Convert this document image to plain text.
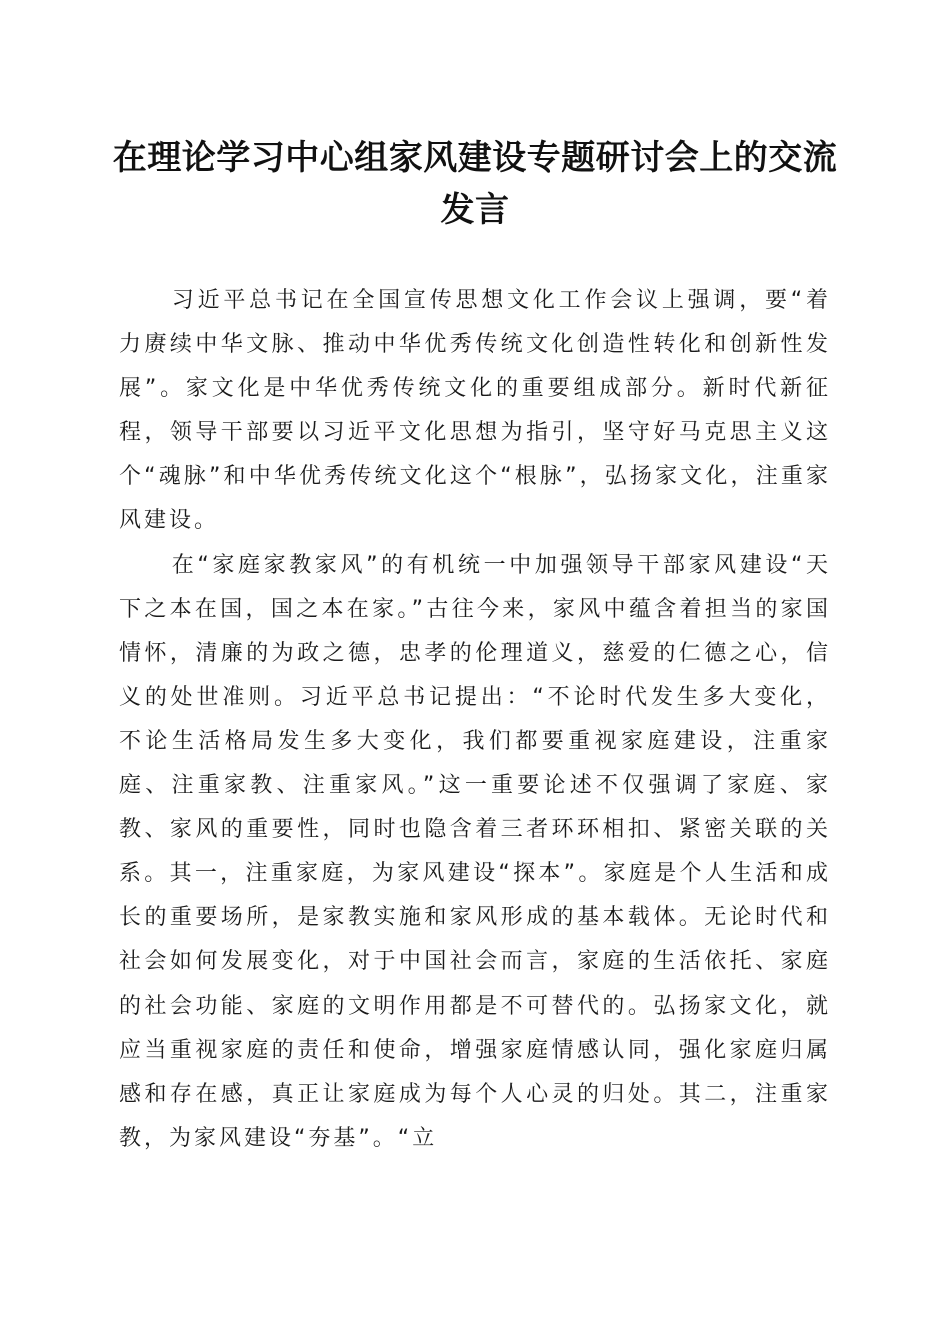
在理论学习中心组家风建设专题研讨会上的交流发言

习近平总书记在全国宣传思想文化工作会议上强调，要“着力赓续中华文脉、推动中华优秀传统文化创造性转化和创新性发展”。家文化是中华优秀传统文化的重要组成部分。新时代新征程，领导干部要以习近平文化思想为指引，坚守好马克思主义这个“魂脉”和中华优秀传统文化这个“根脉”，弘扬家文化，注重家风建设。

在“家庭家教家风”的有机统一中加强领导干部家风建设“天下之本在国，国之本在家。”古往今来，家风中蕴含着担当的家国情怀，清廉的为政之德，忠孝的伦理道义，慈爱的仁德之心，信义的处世准则。习近平总书记提出：“不论时代发生多大变化，不论生活格局发生多大变化，我们都要重视家庭建设，注重家庭、注重家教、注重家风。”这一重要论述不仅强调了家庭、家教、家风的重要性，同时也隐含着三者环环相扣、紧密关联的关系。其一，注重家庭，为家风建设“探本”。家庭是个人生活和成长的重要场所，是家教实施和家风形成的基本载体。无论时代和社会如何发展变化，对于中国社会而言，家庭的生活依托、家庭的社会功能、家庭的文明作用都是不可替代的。弘扬家文化，就应当重视家庭的责任和使命，增强家庭情感认同，强化家庭归属感和存在感，真正让家庭成为每个人心灵的归处。其二，注重家教，为家风建设“夯基”。“立
